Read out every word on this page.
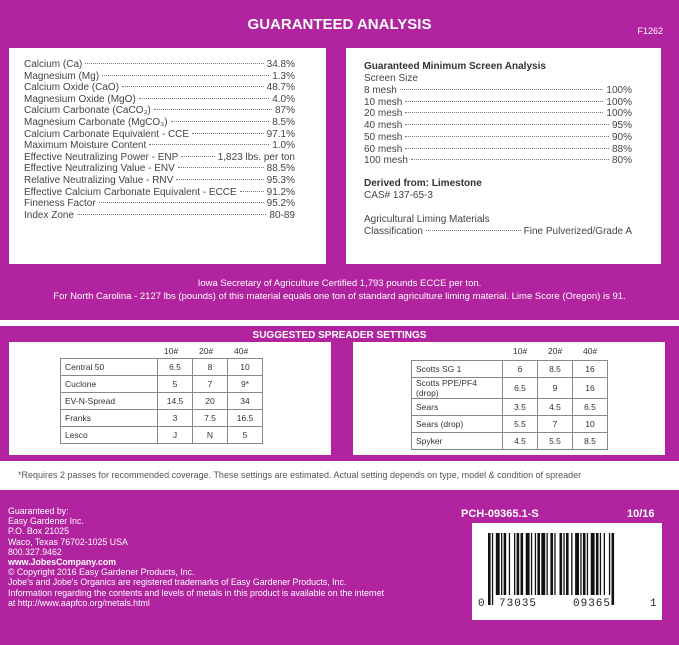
GUARANTEED ANALYSIS	F1262
Calcium (Ca)	34.8%
Magnesium (Mg)	1.3%
Calcium Oxide (CaO)	48.7%
Magnesium Oxide (MgO)	4.0%
Calcium Carbonate (CaCO₃)	87%
Magnesium Carbonate (MgCO₃)	8.5%
Calcium Carbonate Equivalent - CCE	97.1%
Maximum Moisture Content	1.0%
Effective Neutralizing Power - ENP	1,823 lbs. per ton
Effective Neutralizing Value - ENV	88.5%
Relative Neutralizing Value - RNV	95.3%
Effective Calcium Carbonate Equivalent - ECCE	91.2%
Fineness Factor	95.2%
Index Zone	80-89
Guaranteed Minimum Screen Analysis
Screen Size
8 mesh	100%
10 mesh	100%
20 mesh	100%
40 mesh	95%
50 mesh	90%
60 mesh	88%
100 mesh	80%
Derived from: Limestone
CAS# 137-65-3
Agricultural Liming Materials
Classification	Fine Pulverized/Grade A
Iowa Secretary of Agriculture Certified 1,793 pounds ECCE per ton.
For North Carolina - 2127 lbs (pounds) of this material equals one ton of standard agriculture liming material. Lime Score (Oregon) is 91.
SUGGESTED SPREADER SETTINGS
10# 20# 40#
Central 50	6.5	8	10
Cuclone	5	7	9*
EV-N-Spread	14.5	20	34
Franks	3	7.5	16.5
Lesco	J	N	5
10# 20# 40#
Scotts SG 1	6	8.5	16
Scotts PPE/PF4 (drop)	6.5	9	16
Sears	3.5	4.5	6.5
Sears (drop)	5.5	7	10
Spyker	4.5	5.5	8.5
*Requires 2 passes for recommended coverage. These settings are estimated. Actual setting depends on type, model & condition of spreader
Guaranteed by:
Easy Gardener Inc.
P.O. Box 21025
Waco, Texas 76702-1025 USA
800.327.9462
www.JobesCompany.com
© Copyright 2016 Easy Gardener Products, Inc.
Jobe's and Jobe's Organics are registered trademarks of Easy Gardener Products, Inc.
Information regarding the contents and levels of metals in this product is available on the internet
at http://www.aapfco.org/metals.html
PCH-09365.1-S	10/16
0 73035	09365	1
